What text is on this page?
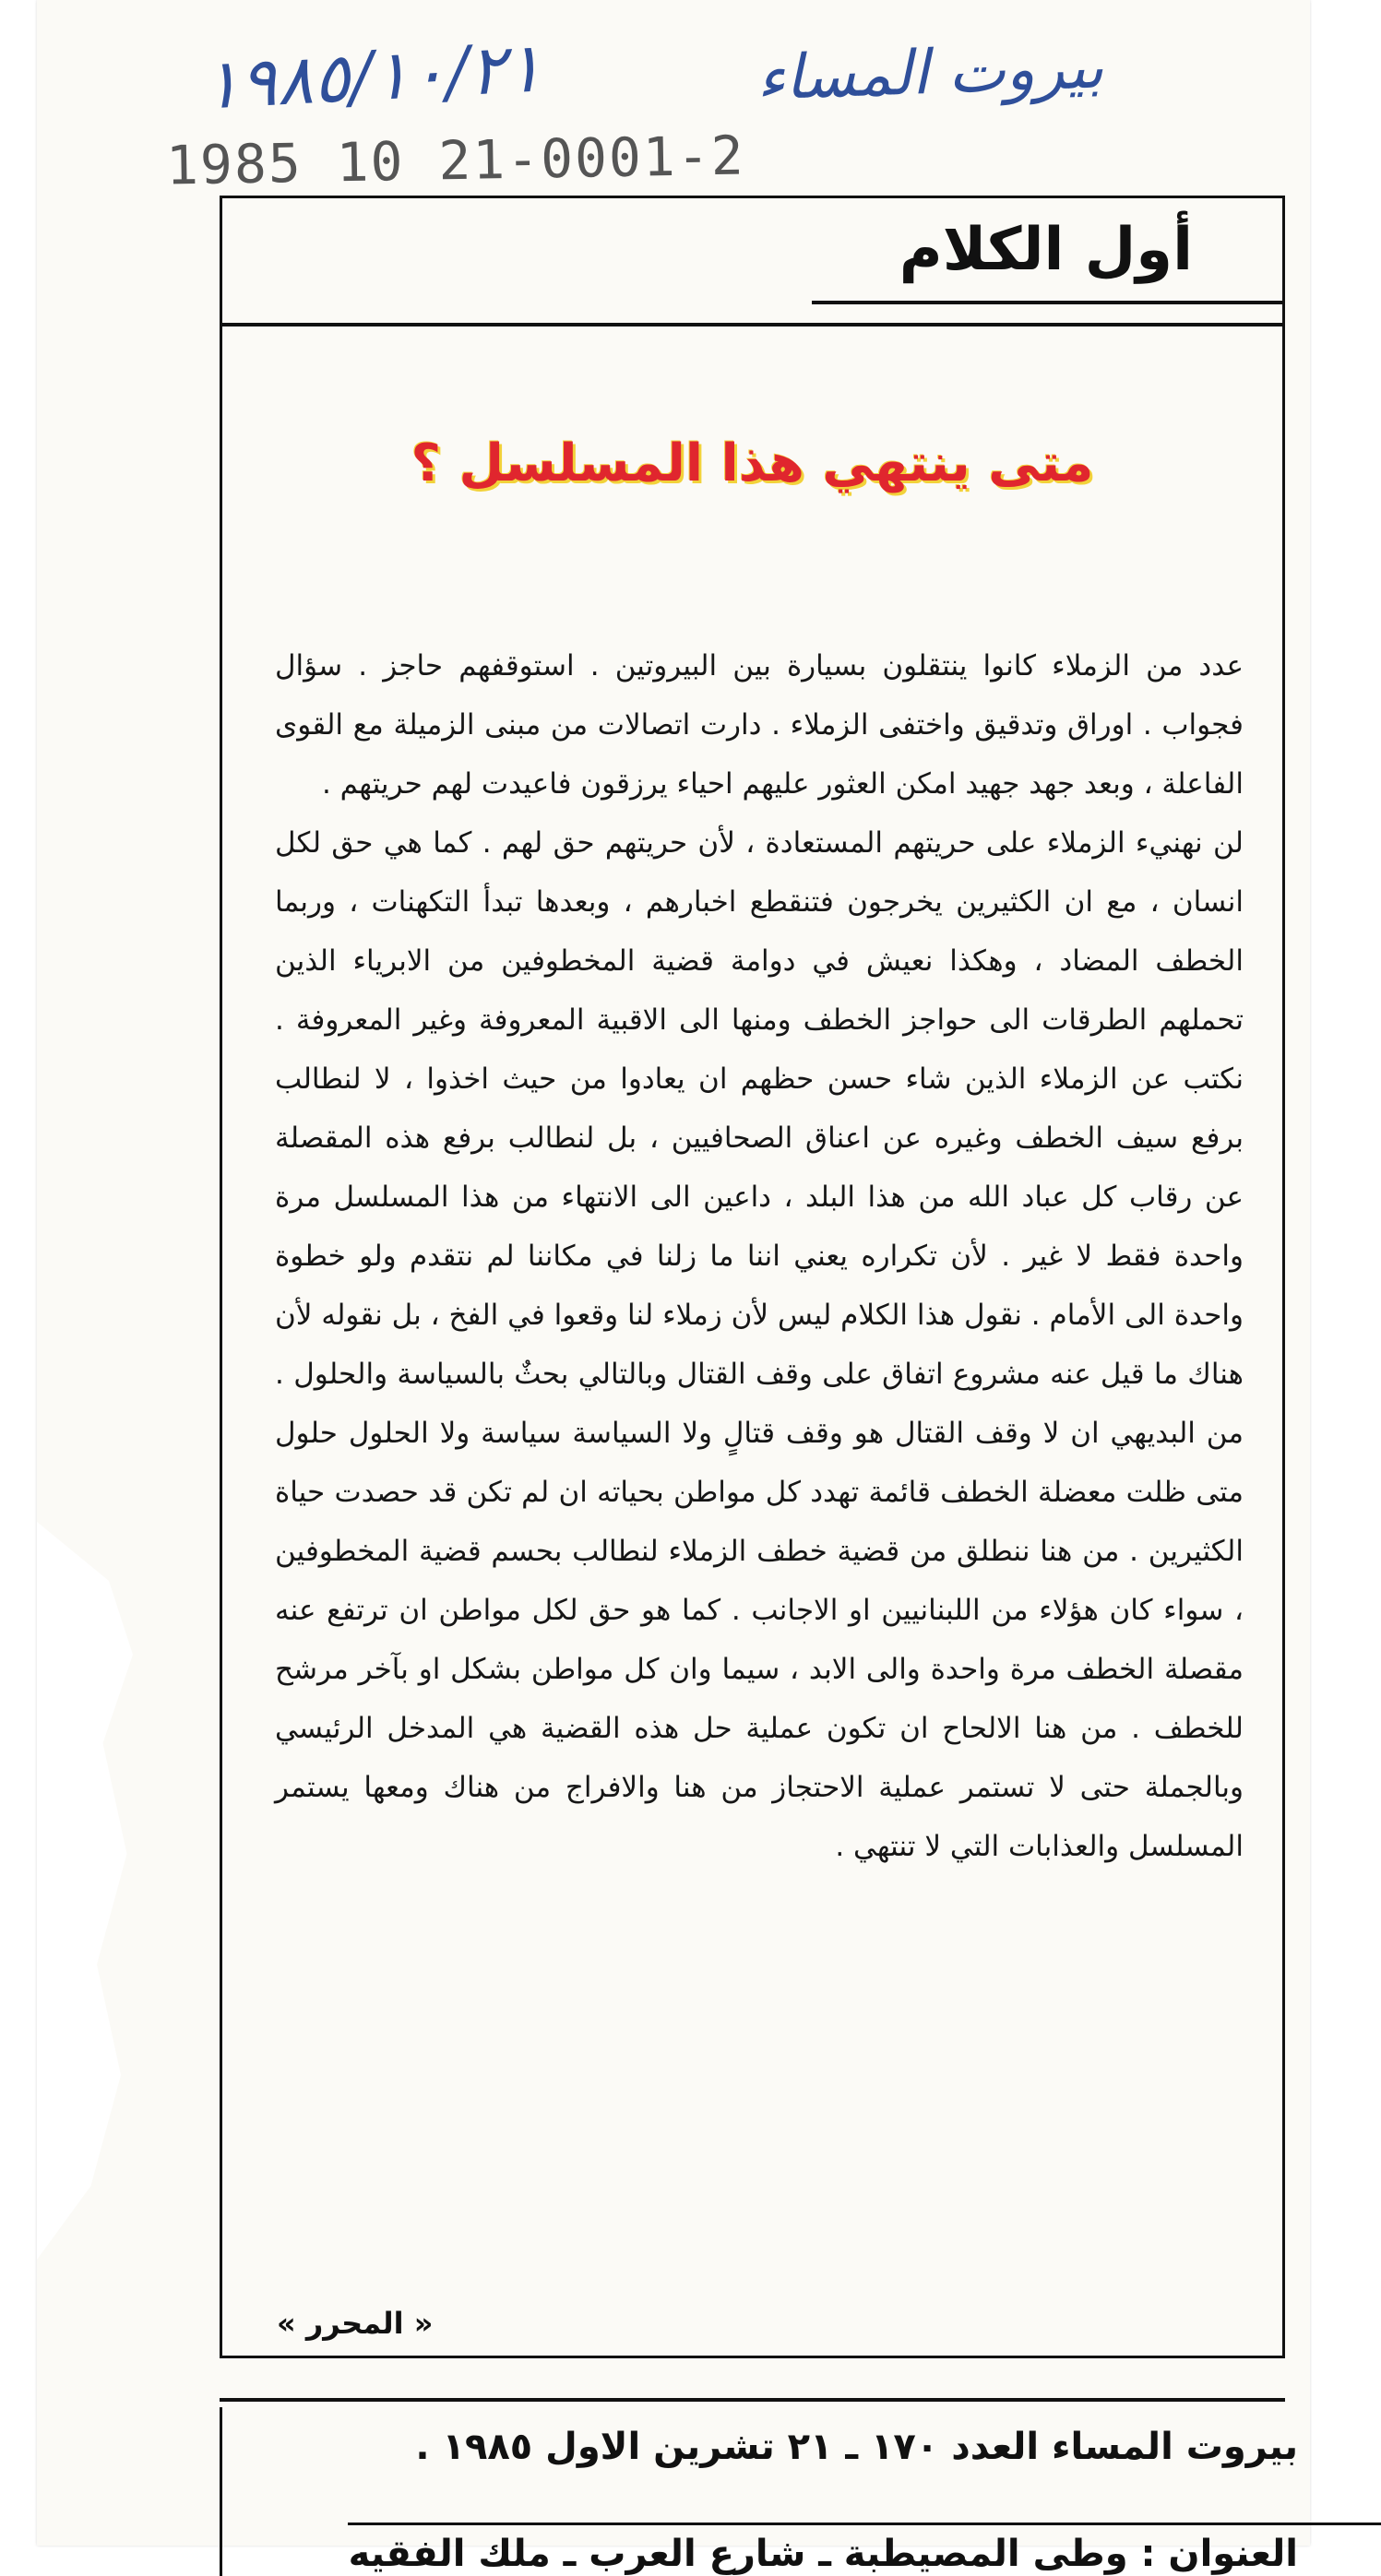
١٩٨٥/١٠/٢١	بيروت المساء
1985 10 21-0001-2
أول الكلام
متى ينتهي هذا المسلسل ؟

عدد من الزملاء كانوا ينتقلون بسيارة بين البيروتين . استوقفهم حاجز . سؤال فجواب . اوراق وتدقيق واختفى الزملاء . دارت اتصالات من مبنى الزميلة مع القوى الفاعلة ، وبعد جهد جهيد امكن العثور عليهم احياء يرزقون فاعيدت لهم حريتهم .

لن نهنيء الزملاء على حريتهم المستعادة ، لأن حريتهم حق لهم . كما هي حق لكل انسان ، مع ان الكثيرين يخرجون فتنقطع اخبارهم ، وبعدها تبدأ التكهنات ، وربما الخطف المضاد ، وهكذا نعيش في دوامة قضية المخطوفين من الابرياء الذين تحملهم الطرقات الى حواجز الخطف ومنها الى الاقبية المعروفة وغير المعروفة . نكتب عن الزملاء الذين شاء حسن حظهم ان يعادوا من حيث اخذوا ، لا لنطالب برفع سيف الخطف وغيره عن اعناق الصحافيين ، بل لنطالب برفع هذه المقصلة عن رقاب كل عباد الله من هذا البلد ، داعين الى الانتهاء من هذا المسلسل مرة واحدة فقط لا غير . لأن تكراره يعني اننا ما زلنا في مكاننا لم نتقدم ولو خطوة واحدة الى الأمام . نقول هذا الكلام ليس لأن زملاء لنا وقعوا في الفخ ، بل نقوله لأن هناك ما قيل عنه مشروع اتفاق على وقف القتال وبالتالي بحثٌ بالسياسة والحلول . من البديهي ان لا وقف القتال هو وقف قتالٍ ولا السياسة سياسة ولا الحلول حلول متى ظلت معضلة الخطف قائمة تهدد كل مواطن بحياته ان لم تكن قد حصدت حياة الكثيرين . من هنا ننطلق من قضية خطف الزملاء لنطالب بحسم قضية المخطوفين ، سواء كان هؤلاء من اللبنانيين او الاجانب . كما هو حق لكل مواطن ان ترتفع عنه مقصلة الخطف مرة واحدة والى الابد ، سيما وان كل مواطن بشكل او بآخر مرشح للخطف . من هنا الالحاح ان تكون عملية حل هذه القضية هي المدخل الرئيسي وبالجملة حتى لا تستمر عملية الاحتجاز من هنا والافراج من هناك ومعها يستمر المسلسل والعذابات التي لا تنتهي .

« المحرر »
بيروت المساء العدد ١٧٠ ـ ٢١ تشرين الاول ١٩٨٥ .
العنوان : وطى المصيطبة ـ شارع العرب ـ ملك الفقيه
